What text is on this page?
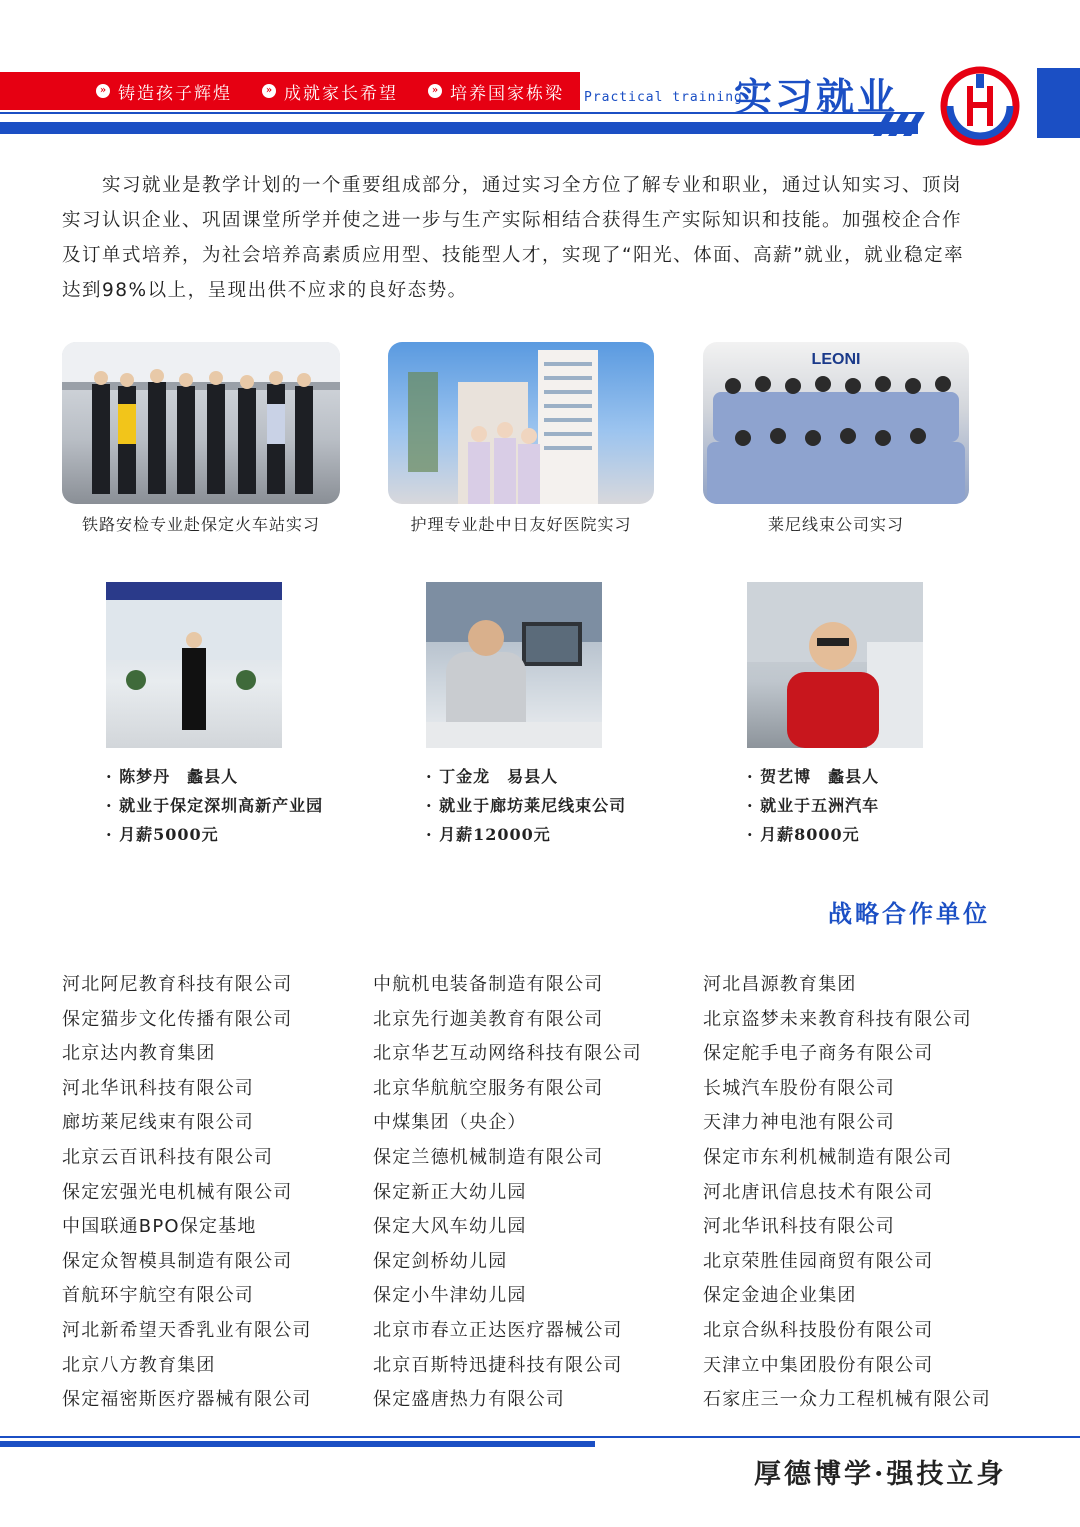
» 铸造孩子辉煌	» 成就家长希望	» 培养国家栋梁 Practical training
实习就业

实习就业是教学计划的一个重要组成部分，通过实习全方位了解专业和职业，通过认知实习、顶岗实习认识企业、巩固课堂所学并使之进一步与生产实际相结合获得生产实际知识和技能。加强校企合作及订单式培养，为社会培养高素质应用型、技能型人才，实现了“阳光、体面、高薪”就业，就业稳定率达到98%以上，呈现出供不应求的良好态势。

LEONI
铁路安检专业赴保定火车站实习	护理专业赴中日友好医院实习	莱尼线束公司实习
· 陈梦丹　蠡县人
· 就业于保定深圳高新产业园
· 月薪5000元
· 丁金龙　易县人
· 就业于廊坊莱尼线束公司
· 月薪12000元
· 贺艺博　蠡县人
· 就业于五洲汽车
· 月薪8000元
战略合作单位
河北阿尼教育科技有限公司
保定猫步文化传播有限公司
北京达内教育集团
河北华讯科技有限公司
廊坊莱尼线束有限公司
北京云百讯科技有限公司
保定宏强光电机械有限公司
中国联通BPO保定基地
保定众智模具制造有限公司
首航环宇航空有限公司
河北新希望天香乳业有限公司
北京八方教育集团
保定福密斯医疗器械有限公司
中航机电装备制造有限公司
北京先行迦美教育有限公司
北京华艺互动网络科技有限公司
北京华航航空服务有限公司
中煤集团（央企）
保定兰德机械制造有限公司
保定新正大幼儿园
保定大风车幼儿园
保定剑桥幼儿园
保定小牛津幼儿园
北京市春立正达医疗器械公司
北京百斯特迅捷科技有限公司
保定盛唐热力有限公司
河北昌源教育集团
北京盗梦未来教育科技有限公司
保定舵手电子商务有限公司
长城汽车股份有限公司
天津力神电池有限公司
保定市东利机械制造有限公司
河北唐讯信息技术有限公司
河北华讯科技有限公司
北京荣胜佳园商贸有限公司
保定金迪企业集团
北京合纵科技股份有限公司
天津立中集团股份有限公司
石家庄三一众力工程机械有限公司
厚德博学·强技立身
